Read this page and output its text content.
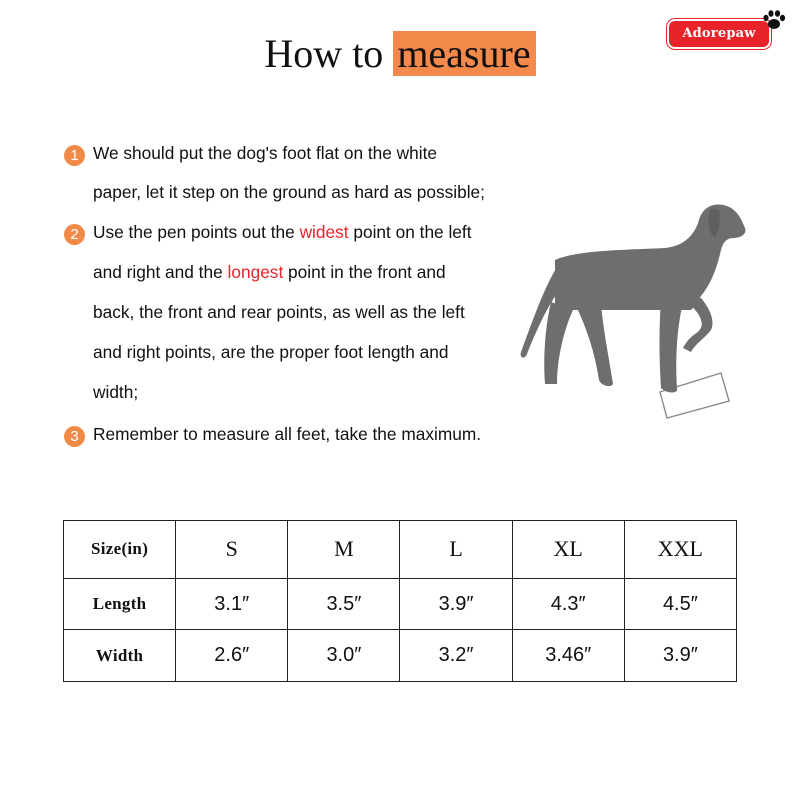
Adorepaw
How to measure
1 We should put the dog's foot flat on the white
paper, let it step on the ground as hard as possible;
2 Use the pen points out the widest point on the left
and right and the longest point in the front and
back, the front and rear points, as well as the left
and right points, are the proper foot length and
width;
3 Remember to measure all feet, take the maximum.
Size(in)	S	M	L	XL	XXL
Length	3.1″	3.5″	3.9″	4.3″	4.5″
Width	2.6″	3.0″	3.2″	3.46″	3.9″
